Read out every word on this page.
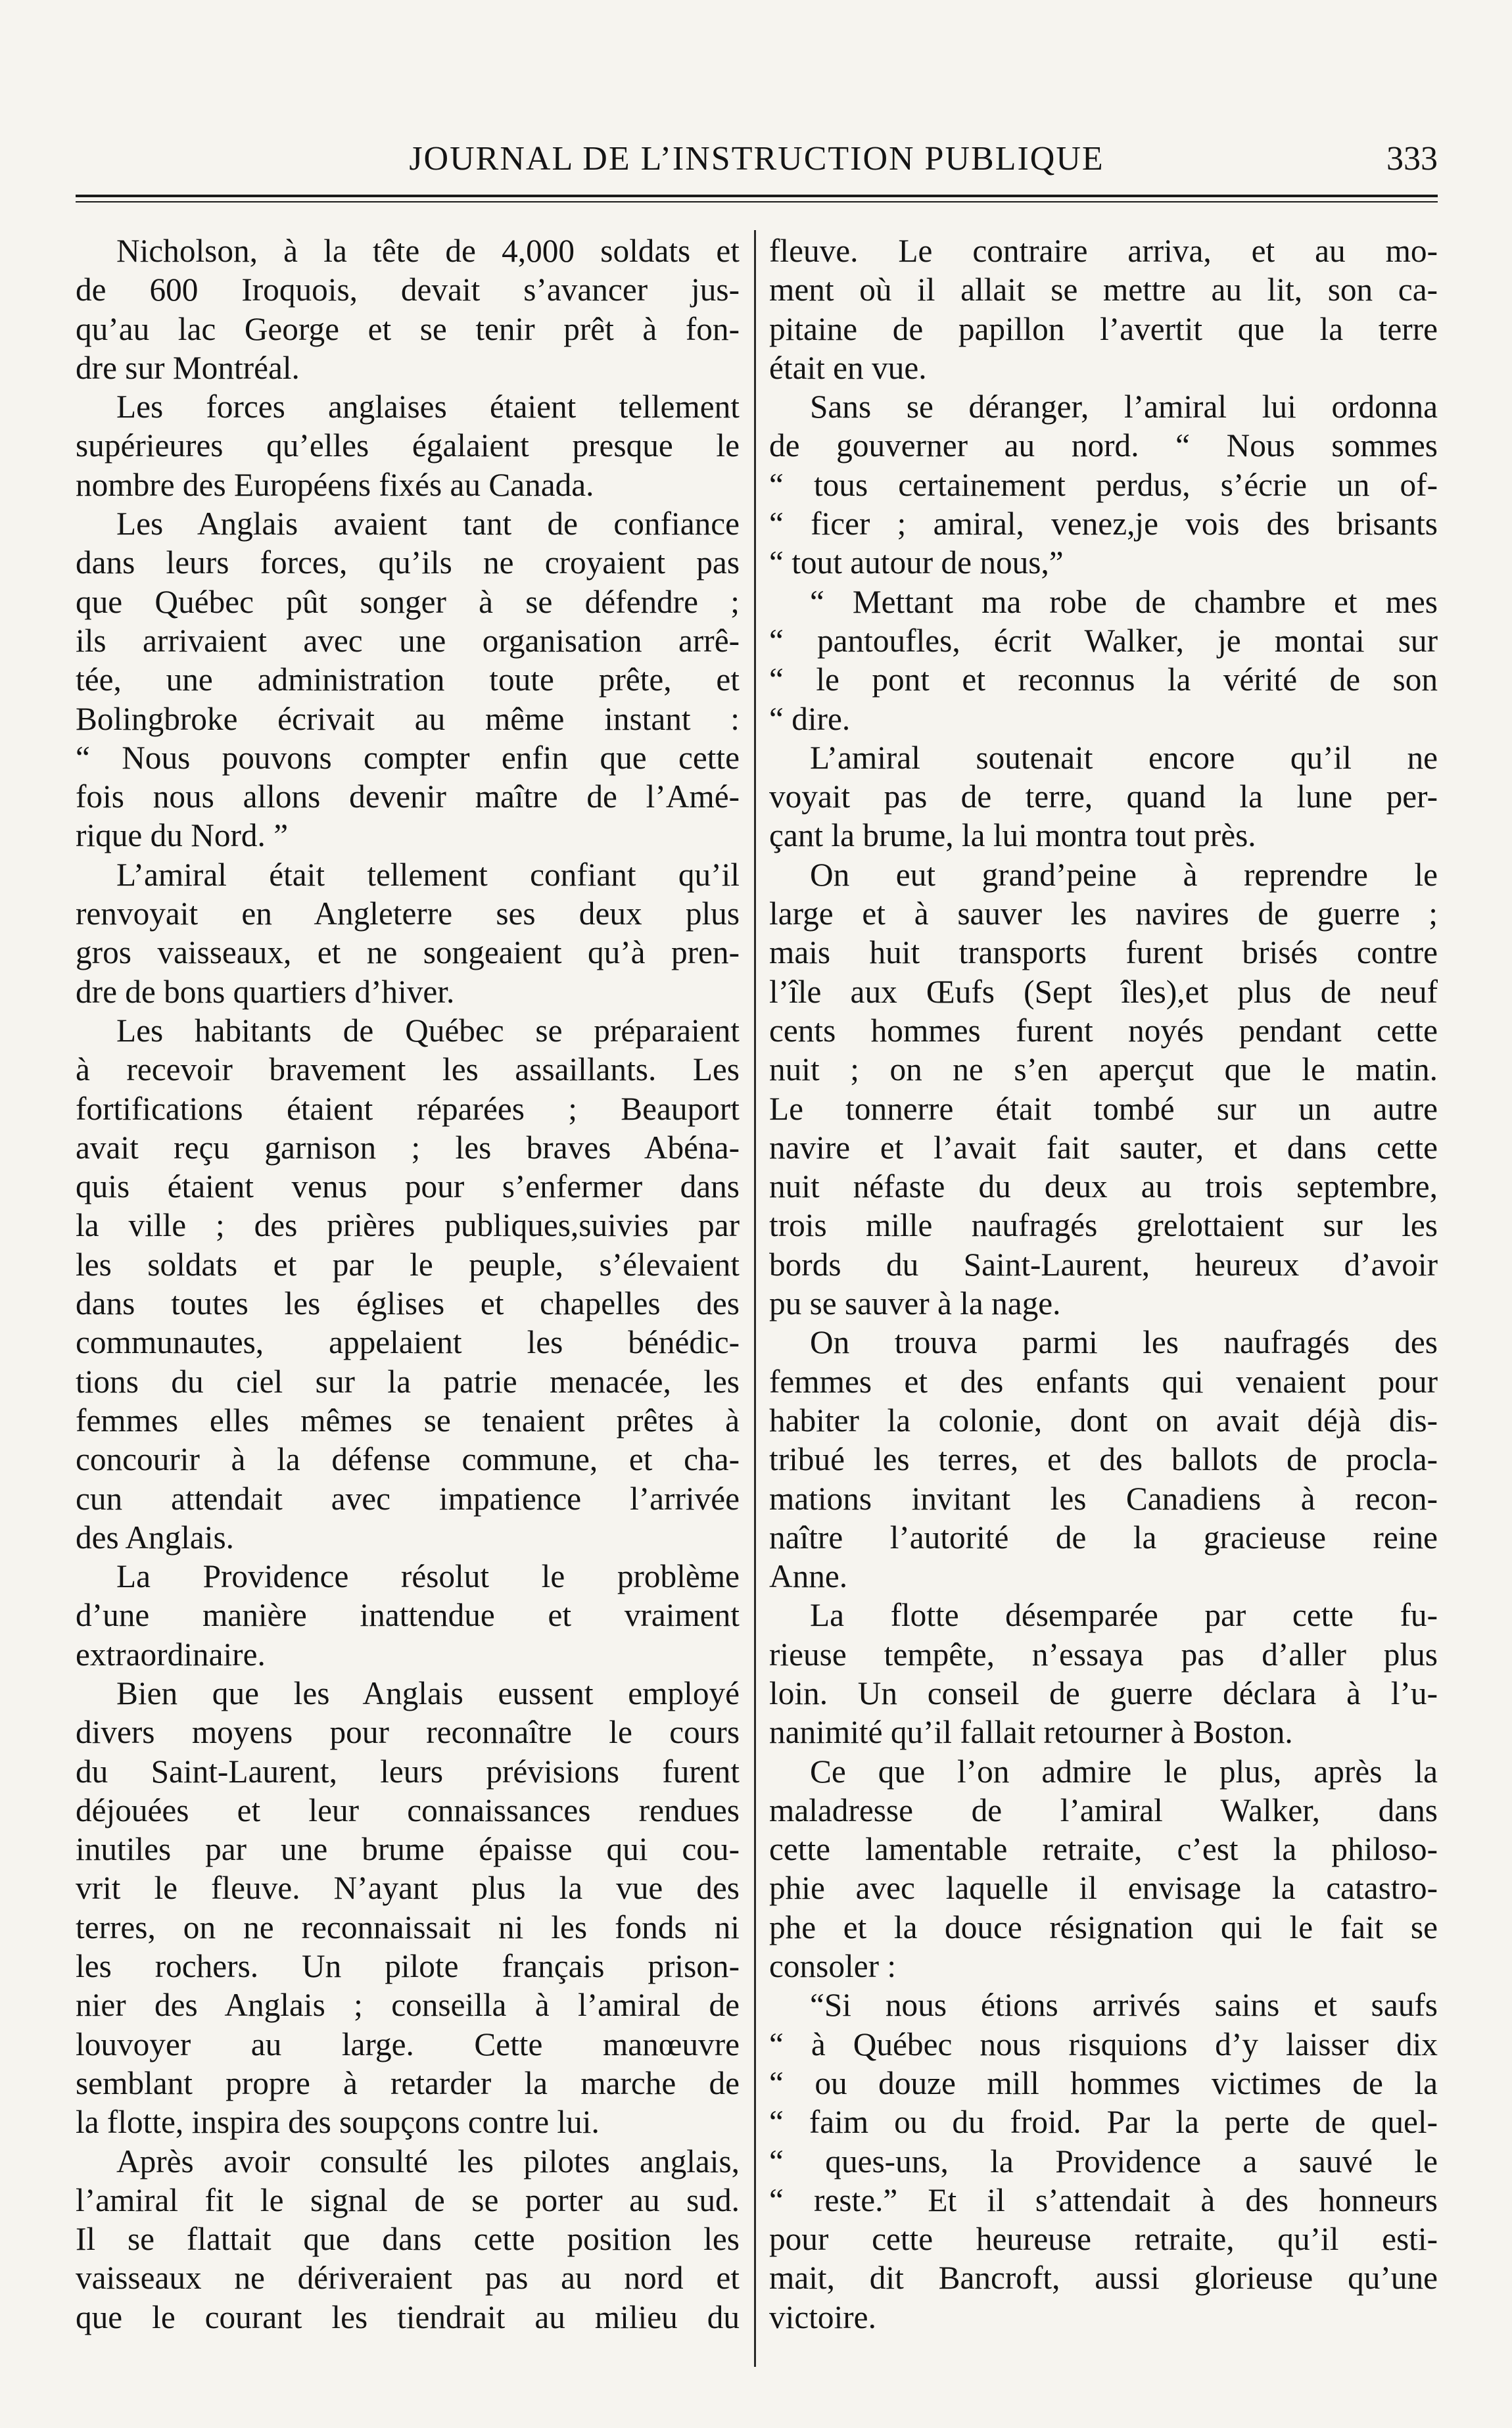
JOURNAL DE L’INSTRUCTION PUBLIQUE	333
Nicholson, à la tête de 4,000 soldats et
de 600 Iroquois, devait s’avancer jus-
qu’au lac George et se tenir prêt à fon-
dre sur Montréal.
Les forces anglaises étaient tellement
supérieures qu’elles égalaient presque le
nombre des Européens fixés au Canada.
Les Anglais avaient tant de confiance
dans leurs forces, qu’ils ne croyaient pas
que Québec pût songer à se défendre ;
ils arrivaient avec une organisation arrê-
tée, une administration toute prête, et
Bolingbroke écrivait au même instant :
“ Nous pouvons compter enfin que cette
fois nous allons devenir maître de l’Amé-
rique du Nord. ”
L’amiral était tellement confiant qu’il
renvoyait en Angleterre ses deux plus
gros vaisseaux, et ne songeaient qu’à pren-
dre de bons quartiers d’hiver.
Les habitants de Québec se préparaient
à recevoir bravement les assaillants. Les
fortifications étaient réparées ; Beauport
avait reçu garnison ; les braves Abéna-
quis étaient venus pour s’enfermer dans
la ville ; des prières publiques,suivies par
les soldats et par le peuple, s’élevaient
dans toutes les églises et chapelles des
communautes, appelaient les bénédic-
tions du ciel sur la patrie menacée, les
femmes elles mêmes se tenaient prêtes à
concourir à la défense commune, et cha-
cun attendait avec impatience l’arrivée
des Anglais.
La Providence résolut le problème
d’une manière inattendue et vraiment
extraordinaire.
Bien que les Anglais eussent employé
divers moyens pour reconnaître le cours
du Saint-Laurent, leurs prévisions furent
déjouées et leur connaissances rendues
inutiles par une brume épaisse qui cou-
vrit le fleuve. N’ayant plus la vue des
terres, on ne reconnaissait ni les fonds ni
les rochers. Un pilote français prison-
nier des Anglais ; conseilla à l’amiral de
louvoyer au large. Cette manœuvre
semblant propre à retarder la marche de
la flotte, inspira des soupçons contre lui.
Après avoir consulté les pilotes anglais,
l’amiral fit le signal de se porter au sud.
Il se flattait que dans cette position les
vaisseaux ne dériveraient pas au nord et
que le courant les tiendrait au milieu du
fleuve. Le contraire arriva, et au mo-
ment où il allait se mettre au lit, son ca-
pitaine de papillon l’avertit que la terre
était en vue.
Sans se déranger, l’amiral lui ordonna
de gouverner au nord. “ Nous sommes
“ tous certainement perdus, s’écrie un of-
“ ficer ; amiral, venez,je vois des brisants
“ tout autour de nous,”
“ Mettant ma robe de chambre et mes
“ pantoufles, écrit Walker, je montai sur
“ le pont et reconnus la vérité de son
“ dire.
L’amiral soutenait encore qu’il ne
voyait pas de terre, quand la lune per-
çant la brume, la lui montra tout près.
On eut grand’peine à reprendre le
large et à sauver les navires de guerre ;
mais huit transports furent brisés contre
l’île aux Œufs (Sept îles),et plus de neuf
cents hommes furent noyés pendant cette
nuit ; on ne s’en aperçut que le matin.
Le tonnerre était tombé sur un autre
navire et l’avait fait sauter, et dans cette
nuit néfaste du deux au trois septembre,
trois mille naufragés grelottaient sur les
bords du Saint-Laurent, heureux d’avoir
pu se sauver à la nage.
On trouva parmi les naufragés des
femmes et des enfants qui venaient pour
habiter la colonie, dont on avait déjà dis-
tribué les terres, et des ballots de procla-
mations invitant les Canadiens à recon-
naître l’autorité de la gracieuse reine
Anne.
La flotte désemparée par cette fu-
rieuse tempête, n’essaya pas d’aller plus
loin. Un conseil de guerre déclara à l’u-
nanimité qu’il fallait retourner à Boston.
Ce que l’on admire le plus, après la
maladresse de l’amiral Walker, dans
cette lamentable retraite, c’est la philoso-
phie avec laquelle il envisage la catastro-
phe et la douce résignation qui le fait se
consoler :
“Si nous étions arrivés sains et saufs
“ à Québec nous risquions d’y laisser dix
“ ou douze mill hommes victimes de la
“ faim ou du froid. Par la perte de quel-
“ ques-uns, la Providence a sauvé le
“ reste.” Et il s’attendait à des honneurs
pour cette heureuse retraite, qu’il esti-
mait, dit Bancroft, aussi glorieuse qu’une
victoire.
